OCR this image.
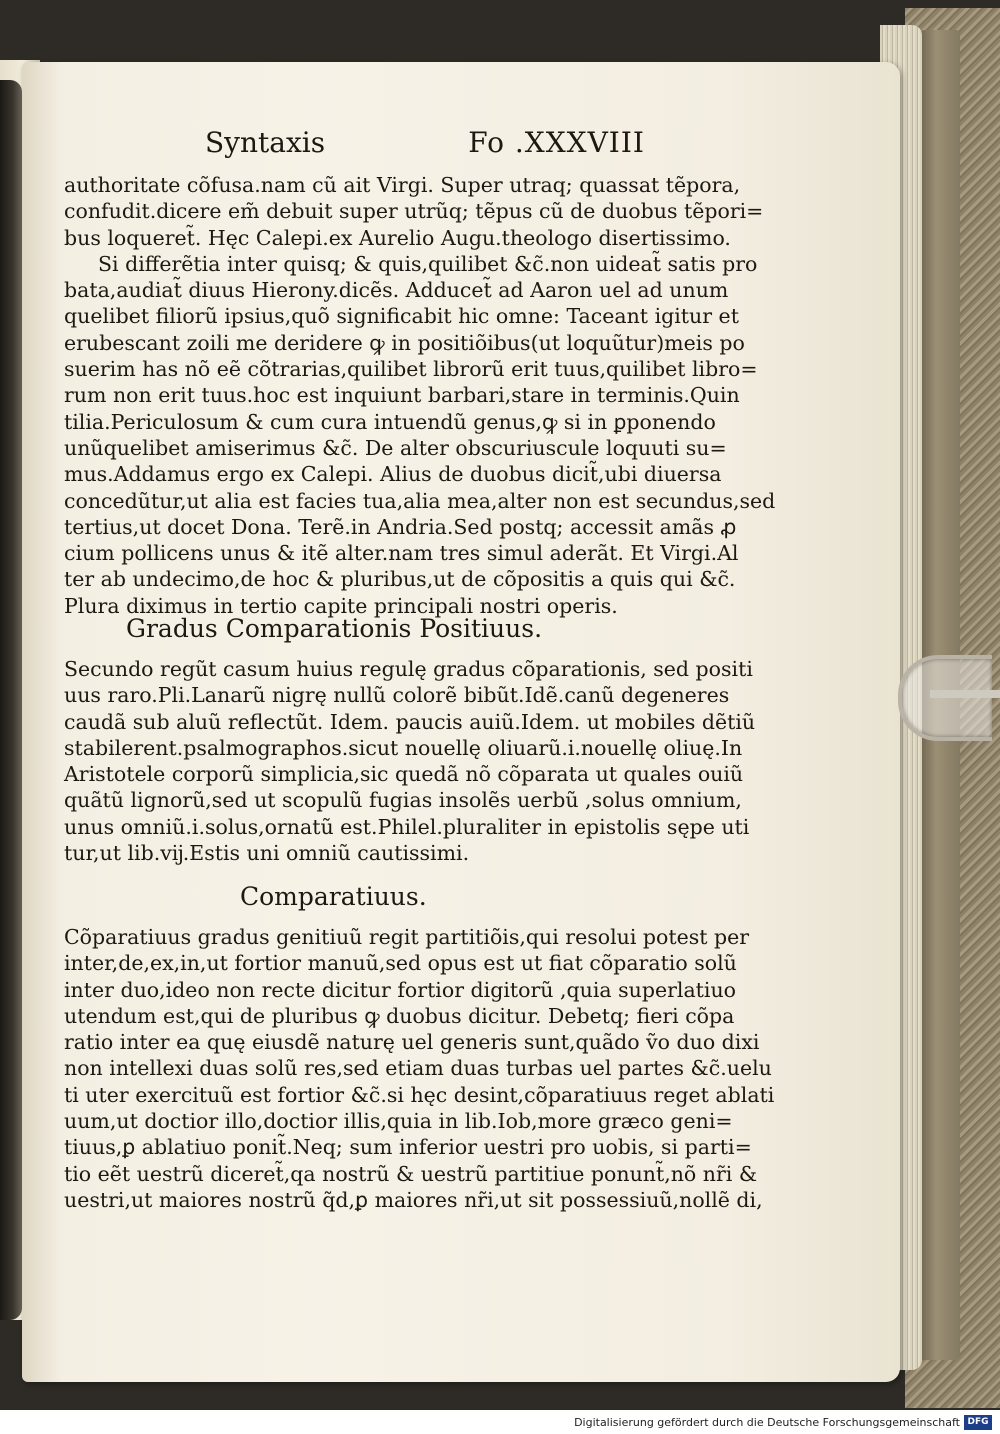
Syntaxis	Fo .XXXVIII
authoritate cõfusa.nam cũ ait Virgi. Super utraq; quassat tẽpora,
confudit.dicere em̃ debuit super utrũq; tẽpus cũ de duobus tẽpori=
bus loqueret̃. Hęc Calepi.ex Aurelio Augu.theologo disertissimo.
Si differẽtia inter quisq; & quis,quilibet &c̃.non uideat̃ satis pro
bata,audiat̃ diuus Hierony.dicẽs. Adducet̃ ad Aaron uel ad unum
quelibet filiorũ ipsius,quõ significabit hic omne: Taceant igitur et
erubescant zoili me deridere ꝙ in positiõibus(ut loquũtur)meis po
suerim has nõ eẽ cõtrarias,quilibet librorũ erit tuus,quilibet libro=
rum non erit tuus.hoc est inquiunt barbari,stare in terminis.Quin
tilia.Periculosum & cum cura intuendũ genus,ꝙ si in ꝑponendo
unũquelibet amiserimus &c̃. De alter obscuriuscule loquuti su=
mus.Addamus ergo ex Calepi. Alius de duobus dicit̃,ubi diuersa
concedũtur,ut alia est facies tua,alia mea,alter non est secundus,sed
tertius,ut docet Dona. Terẽ.in Andria.Sed postq; accessit amãs ꝓ
cium pollicens unus & itẽ alter.nam tres simul aderãt. Et Virgi.Al
ter ab undecimo,de hoc & pluribus,ut de cõpositis a quis qui &c̃.
Plura diximus in tertio capite principali nostri operis.
Gradus Comparationis Positiuus.
Secundo regũt casum huius regulę gradus cõparationis, sed positi
uus raro.Pli.Lanarũ nigrę nullũ colorẽ bibũt.Idẽ.canũ degeneres
caudã sub aluũ reflectũt. Idem. paucis auiũ.Idem. ut mobiles dẽtiũ
stabilerent.psalmographos.sicut nouellę oliuarũ.i.nouellę oliuę.In
Aristotele corporũ simplicia,sic quedã nõ cõparata ut quales ouiũ
quãtũ lignorũ,sed ut scopulũ fugias insolẽs uerbũ ,solus omnium,
unus omniũ.i.solus,ornatũ est.Philel.pluraliter in epistolis sępe uti
tur,ut lib.vĳ.Estis uni omniũ cautissimi.
Comparatiuus.
Cõparatiuus gradus genitiuũ regit partitiõis,qui resolui potest per
inter,de,ex,in,ut fortior manuũ,sed opus est ut fiat cõparatio solũ
inter duo,ideo non recte dicitur fortior digitorũ ,quia superlatiuo
utendum est,qui de pluribus ꝙ duobus dicitur. Debetq; fieri cõpa
ratio inter ea quę eiusdẽ naturę uel generis sunt,quãdo ṽo duo dixi
non intellexi duas solũ res,sed etiam duas turbas uel partes &c̃.uelu
ti uter exercituũ est fortior &c̃.si hęc desint,cõparatiuus reget ablati
uum,ut doctior illo,doctior illis,quia in lib.Iob,more græco geni=
tiuus,ꝑ ablatiuo ponit̃.Neq; sum inferior uestri pro uobis, si parti=
tio eẽt uestrũ diceret̃,qa nostrũ & uestrũ partitiue ponunt̃,nõ nr̃i &
uestri,ut maiores nostrũ q̃d,ꝑ maiores nr̃i,ut sit possessiuũ,nollẽ di,
Digitalisierung gefördert durch die Deutsche Forschungsgemeinschaft DFG
